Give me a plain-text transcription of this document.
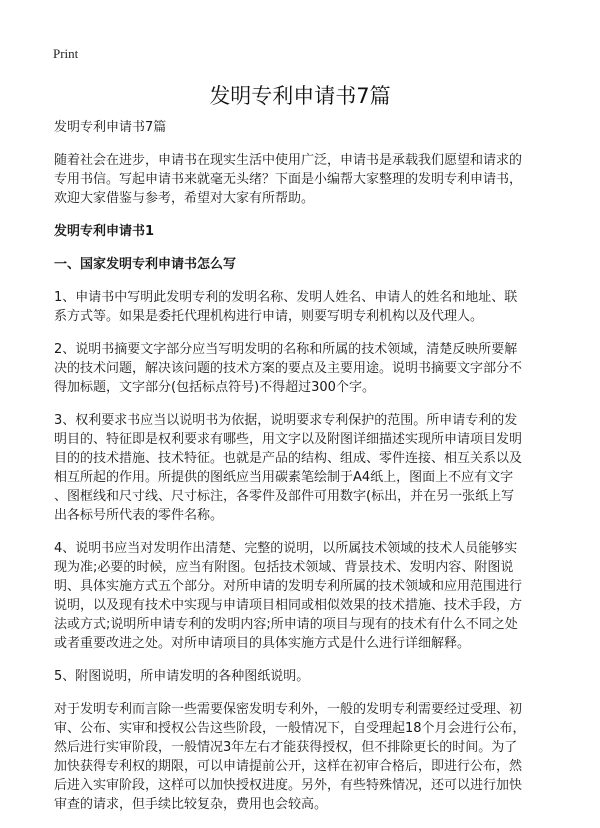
Print
发明专利申请书7篇

发明专利申请书7篇

随着社会在进步，申请书在现实生活中使用广泛，申请书是承载我们愿望和请求的
专用书信。写起申请书来就毫无头绪？下面是小编帮大家整理的发明专利申请书，
欢迎大家借鉴与参考，希望对大家有所帮助。

发明专利申请书1
一、国家发明专利申请书怎么写

1、申请书中写明此发明专利的发明名称、发明人姓名、申请人的姓名和地址、联
系方式等。如果是委托代理机构进行申请，则要写明专利机构以及代理人。

2、说明书摘要文字部分应当写明发明的名称和所属的技术领域，清楚反映所要解
决的技术问题，解决该问题的技术方案的要点及主要用途。说明书摘要文字部分不
得加标题，文字部分(包括标点符号)不得超过300个字。

3、权利要求书应当以说明书为依据，说明要求专利保护的范围。所申请专利的发
明目的、特征即是权利要求有哪些，用文字以及附图详细描述实现所申请项目发明
目的的技术措施、技术特征。也就是产品的结构、组成、零件连接、相互关系以及
相互所起的作用。所提供的图纸应当用碳素笔绘制于A4纸上，图面上不应有文字
、图框线和尺寸线、尺寸标注，各零件及部件可用数字(标出，并在另一张纸上写
出各标号所代表的零件名称。

4、说明书应当对发明作出清楚、完整的说明，以所属技术领域的技术人员能够实
现为准;必要的时候，应当有附图。包括技术领域、背景技术、发明内容、附图说
明、具体实施方式五个部分。对所申请的发明专利所属的技术领域和应用范围进行
说明，以及现有技术中实现与申请项目相同或相似效果的技术措施、技术手段，方
法或方式;说明所申请专利的发明内容;所申请的项目与现有的技术有什么不同之处
或者重要改进之处。对所申请项目的具体实施方式是什么进行详细解释。

5、附图说明，所申请发明的各种图纸说明。

对于发明专利而言除一些需要保密发明专利外，一般的发明专利需要经过受理、初
审、公布、实审和授权公告这些阶段，一般情况下，自受理起18个月会进行公布，
然后进行实审阶段，一般情况3年左右才能获得授权，但不排除更长的时间。为了
加快获得专利权的期限，可以申请提前公开，这样在初审合格后，即进行公布，然
后进入实审阶段，这样可以加快授权进度。另外，有些特殊情况，还可以进行加快
审查的请求，但手续比较复杂，费用也会较高。
